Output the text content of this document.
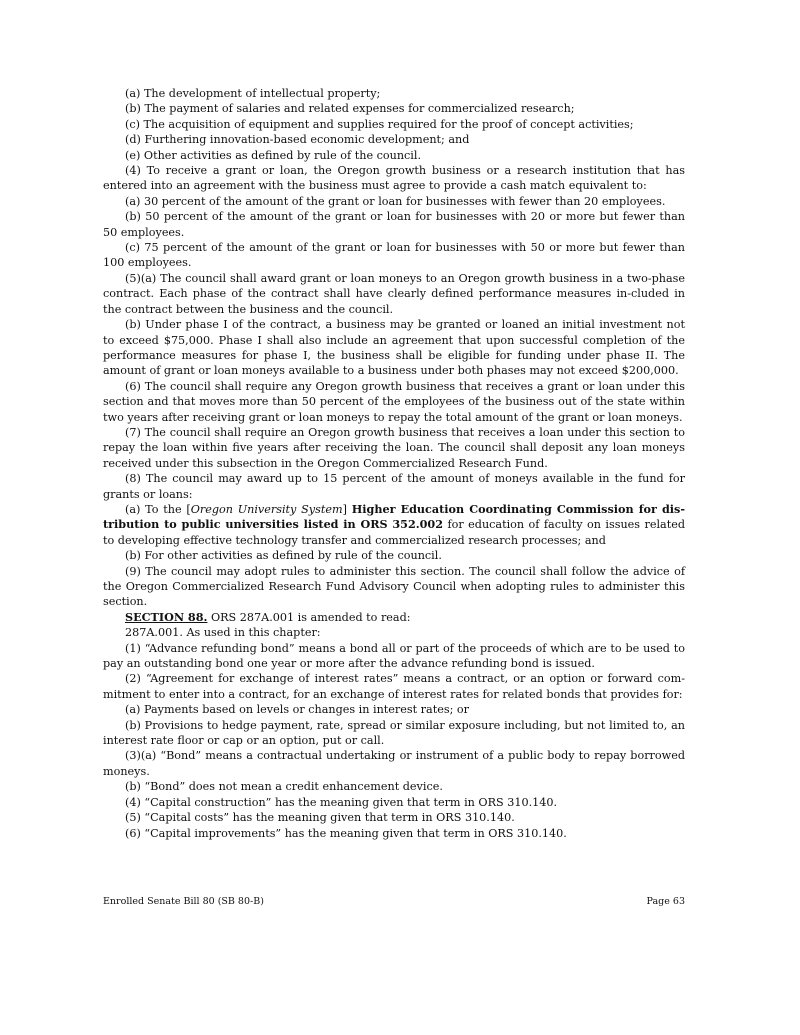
(a) The development of intellectual property;

(b) The payment of salaries and related expenses for commercialized research;

(c) The acquisition of equipment and supplies required for the proof of concept activities;

(d) Furthering innovation-based economic development; and

(e) Other activities as defined by rule of the council.

(4) To receive a grant or loan, the Oregon growth business or a research institution that has entered into an agreement with the business must agree to provide a cash match equivalent to:

(a) 30 percent of the amount of the grant or loan for businesses with fewer than 20 employees.

(b) 50 percent of the amount of the grant or loan for businesses with 20 or more but fewer than 50 employees.

(c) 75 percent of the amount of the grant or loan for businesses with 50 or more but fewer than 100 employees.

(5)(a) The council shall award grant or loan moneys to an Oregon growth business in a two-phase contract. Each phase of the contract shall have clearly defined performance measures in-cluded in the contract between the business and the council.

(b) Under phase I of the contract, a business may be granted or loaned an initial investment not to exceed $75,000. Phase I shall also include an agreement that upon successful completion of the performance measures for phase I, the business shall be eligible for funding under phase II. The amount of grant or loan moneys available to a business under both phases may not exceed $200,000.

(6) The council shall require any Oregon growth business that receives a grant or loan under this section and that moves more than 50 percent of the employees of the business out of the state within two years after receiving grant or loan moneys to repay the total amount of the grant or loan moneys.

(7) The council shall require an Oregon growth business that receives a loan under this section to repay the loan within five years after receiving the loan. The council shall deposit any loan moneys received under this subsection in the Oregon Commercialized Research Fund.

(8) The council may award up to 15 percent of the amount of moneys available in the fund for grants or loans:

(a) To the [Oregon University System] Higher Education Coordinating Commission for dis-tribution to public universities listed in ORS 352.002 for education of faculty on issues related to developing effective technology transfer and commercialized research processes; and

(b) For other activities as defined by rule of the council.

(9) The council may adopt rules to administer this section. The council shall follow the advice of the Oregon Commercialized Research Fund Advisory Council when adopting rules to administer this section.

SECTION 88. ORS 287A.001 is amended to read:

287A.001. As used in this chapter:

(1) “Advance refunding bond” means a bond all or part of the proceeds of which are to be used to pay an outstanding bond one year or more after the advance refunding bond is issued.

(2) “Agreement for exchange of interest rates” means a contract, or an option or forward com-mitment to enter into a contract, for an exchange of interest rates for related bonds that provides for:

(a) Payments based on levels or changes in interest rates; or

(b) Provisions to hedge payment, rate, spread or similar exposure including, but not limited to, an interest rate floor or cap or an option, put or call.

(3)(a) “Bond” means a contractual undertaking or instrument of a public body to repay borrowed moneys.

(b) “Bond” does not mean a credit enhancement device.

(4) “Capital construction” has the meaning given that term in ORS 310.140.

(5) “Capital costs” has the meaning given that term in ORS 310.140.

(6) “Capital improvements” has the meaning given that term in ORS 310.140.

Enrolled Senate Bill 80 (SB 80-B)	Page 63
